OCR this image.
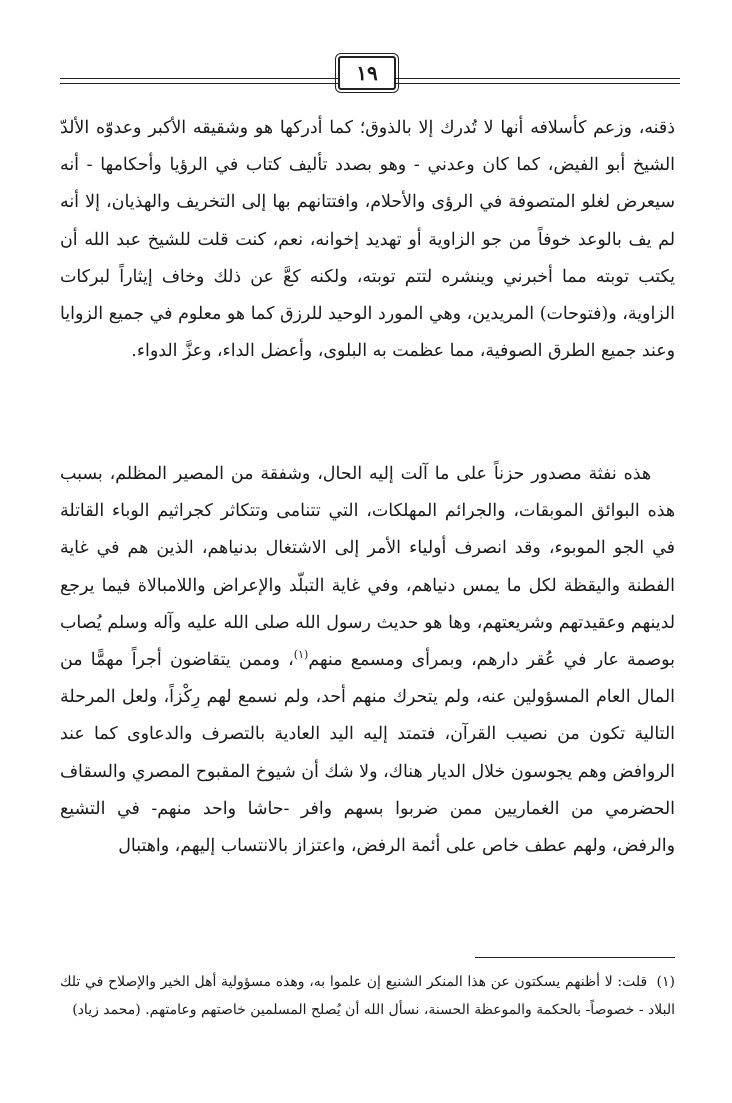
١٩

ذقنه، وزعم كأسلافه أنها لا تُدرك إلا بالذوق؛ كما أدركها هو وشقيقه الأكبر وعدوّه الألدّ الشيخ أبو الفيض، كما كان وعدني - وهو بصدد تأليف كتاب في الرؤيا وأحكامها - أنه سيعرض لغلو المتصوفة في الرؤى والأحلام، وافتتانهم بها إلى التخريف والهذيان، إلا أنه لم يف بالوعد خوفاً من جو الزاوية أو تهديد إخوانه، نعم، كنت قلت للشيخ عبد الله أن يكتب توبته مما أخبرني وينشره لتتم توبته، ولكنه كعَّ عن ذلك وخاف إيثاراً لبركات الزاوية، و(فتوحات) المريدين، وهي المورد الوحيد للرزق كما هو معلوم في جميع الزوايا وعند جميع الطرق الصوفية، مما عظمت به البلوى، وأعضل الداء، وعزَّ الدواء.

هذه نفثة مصدور حزناً على ما آلت إليه الحال، وشفقة من المصير المظلم، بسبب هذه البوائق الموبقات، والجرائم المهلكات، التي تتنامى وتتكاثر كجراثيم الوباء القاتلة في الجو الموبوء، وقد انصرف أولياء الأمر إلى الاشتغال بدنياهم، الذين هم في غاية الفطنة واليقظة لكل ما يمس دنياهم، وفي غاية التبلّد والإعراض واللامبالاة فيما يرجع لدينهم وعقيدتهم وشريعتهم، وها هو حديث رسول الله صلى الله عليه وآله وسلم يُصاب بوصمة عار في عُقر دارهم، وبمرأى ومسمع منهم$^{(١)}$، وممن يتقاضون أجراً مهمًّا من المال العام المسؤولين عنه، ولم يتحرك منهم أحد، ولم نسمع لهم رِكْزاً، ولعل المرحلة التالية تكون من نصيب القرآن، فتمتد إليه اليد العادية بالتصرف والدعاوى كما عند الروافض وهم يجوسون خلال الديار هناك، ولا شك أن شيوخ المقبوح المصري والسقاف الحضرمي من الغماريين ممن ضربوا بسهم وافر -حاشا واحد منهم- في التشيع والرفض، ولهم عطف خاص على أئمة الرفض، واعتزاز بالانتساب إليهم، واهتبال

(١)  قلت: لا أظنهم يسكتون عن هذا المنكر الشنيع إن علموا به، وهذه مسؤولية أهل الخير والإصلاح في تلك البلاد - خصوصاً- بالحكمة والموعظة الحسنة، نسأل الله أن يُصلح المسلمين خاصتهم وعامتهم. (محمد زياد)
